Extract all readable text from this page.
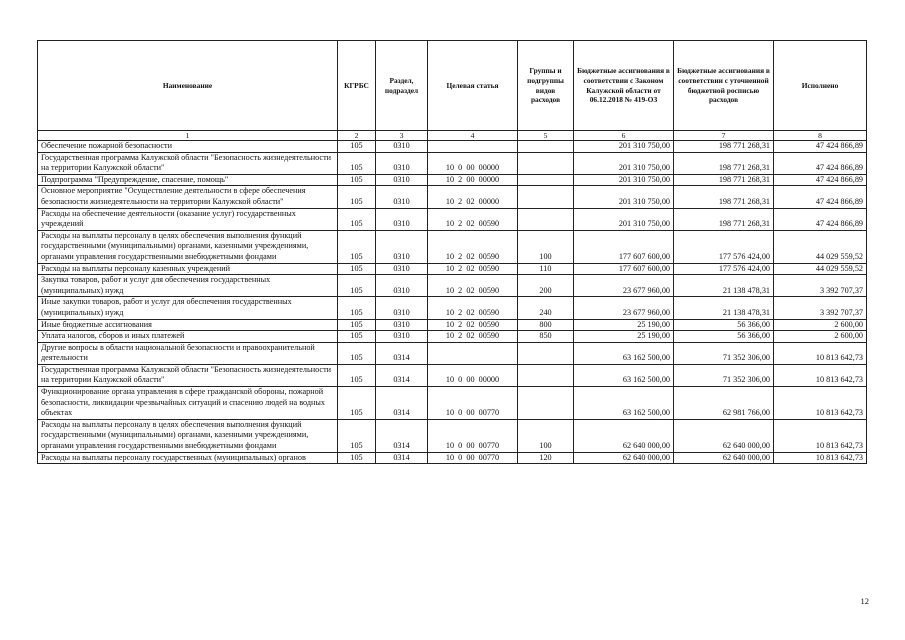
Наименование	КГРБС	Раздел, подраздел	Целевая статья	Группы и подгруппы видов расходов	Бюджетные ассигнования в соответствии с Законом Калужской области от 06.12.2018 № 419-ОЗ	Бюджетные ассигнования в соответствии с уточненной бюджетной росписью расходов	Исполнено
1	2	3	4	5	6	7	8
Обеспечение пожарной безопасности	105	0310			201 310 750,00	198 771 268,31	47 424 866,89
Государственная программа Калужской области "Безопасность жизнедеятельности на территории Калужской области"	105	0310	10  0  00  00000		201 310 750,00	198 771 268,31	47 424 866,89
Подпрограмма "Предупреждение, спасение, помощь"	105	0310	10  2  00  00000		201 310 750,00	198 771 268,31	47 424 866,89
Основное мероприятие "Осуществление деятельности в сфере обеспечения безопасности жизнедеятельности на территории Калужской области"	105	0310	10  2  02  00000		201 310 750,00	198 771 268,31	47 424 866,89
Расходы на обеспечение деятельности (оказание услуг) государственных учреждений	105	0310	10  2  02  00590		201 310 750,00	198 771 268,31	47 424 866,89
Расходы на выплаты персоналу в целях обеспечения выполнения функций государственными (муниципальными) органами, казенными учреждениями, органами управления государственными внебюджетными фондами	105	0310	10  2  02  00590	100	177 607 600,00	177 576 424,00	44 029 559,52
Расходы на выплаты персоналу казенных учреждений	105	0310	10  2  02  00590	110	177 607 600,00	177 576 424,00	44 029 559,52
Закупка товаров, работ и услуг для обеспечения государственных (муниципальных) нужд	105	0310	10  2  02  00590	200	23 677 960,00	21 138 478,31	3 392 707,37
Иные закупки товаров, работ и услуг для обеспечения государственных (муниципальных) нужд	105	0310	10  2  02  00590	240	23 677 960,00	21 138 478,31	3 392 707,37
Иные бюджетные ассигнования	105	0310	10  2  02  00590	800	25 190,00	56 366,00	2 600,00
Уплата налогов, сборов и иных платежей	105	0310	10  2  02  00590	850	25 190,00	56 366,00	2 600,00
Другие вопросы в области национальной безопасности и правоохранительной деятельности	105	0314			63 162 500,00	71 352 306,00	10 813 642,73
Государственная программа Калужской области "Безопасность жизнедеятельности на территории Калужской области"	105	0314	10  0  00  00000		63 162 500,00	71 352 306,00	10 813 642,73
Функционирование органа управления в сфере гражданской обороны, пожарной безопасности, ликвидации чрезвычайных ситуаций и спасению людей на водных объектах	105	0314	10  0  00  00770		63 162 500,00	62 981 766,00	10 813 642,73
Расходы на выплаты персоналу в целях обеспечения выполнения функций государственными (муниципальными) органами, казенными учреждениями, органами управления государственными внебюджетными фондами	105	0314	10  0  00  00770	100	62 640 000,00	62 640 000,00	10 813 642,73
Расходы на выплаты персоналу государственных (муниципальных) органов	105	0314	10  0  00  00770	120	62 640 000,00	62 640 000,00	10 813 642,73
12
